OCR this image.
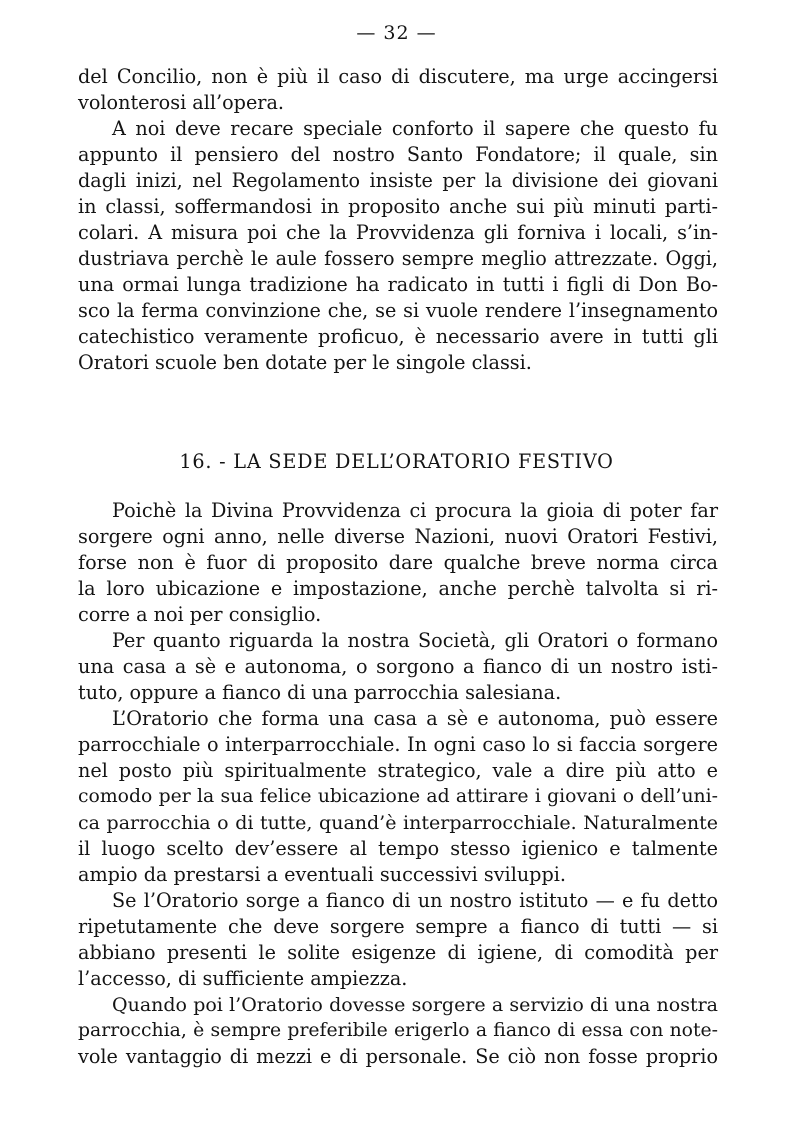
— 32 —
del Concilio, non è più il caso di discutere, ma urge accingersi
volonterosi all’opera.
A noi deve recare speciale conforto il sapere che questo fu
appunto il pensiero del nostro Santo Fondatore; il quale, sin
dagli inizi, nel Regolamento insiste per la divisione dei giovani
in classi, soffermandosi in proposito anche sui più minuti parti-
colari. A misura poi che la Provvidenza gli forniva i locali, s’in-
dustriava perchè le aule fossero sempre meglio attrezzate. Oggi,
una ormai lunga tradizione ha radicato in tutti i figli di Don Bo-
sco la ferma convinzione che, se si vuole rendere l’insegnamento
catechistico veramente proficuo, è necessario avere in tutti gli
Oratori scuole ben dotate per le singole classi.
16. - LA SEDE DELL’ORATORIO FESTIVO
Poichè la Divina Provvidenza ci procura la gioia di poter far
sorgere ogni anno, nelle diverse Nazioni, nuovi Oratori Festivi,
forse non è fuor di proposito dare qualche breve norma circa
la loro ubicazione e impostazione, anche perchè talvolta si ri-
corre a noi per consiglio.
Per quanto riguarda la nostra Società, gli Oratori o formano
una casa a sè e autonoma, o sorgono a fianco di un nostro isti-
tuto, oppure a fianco di una parrocchia salesiana.
L’Oratorio che forma una casa a sè e autonoma, può essere
parrocchiale o interparrocchiale. In ogni caso lo si faccia sorgere
nel posto più spiritualmente strategico, vale a dire più atto e
comodo per la sua felice ubicazione ad attirare i giovani o dell’uni-
ca parrocchia o di tutte, quand’è interparrocchiale. Naturalmente
il luogo scelto dev’essere al tempo stesso igienico e talmente
ampio da prestarsi a eventuali successivi sviluppi.
Se l’Oratorio sorge a fianco di un nostro istituto — e fu detto
ripetutamente che deve sorgere sempre a fianco di tutti — si
abbiano presenti le solite esigenze di igiene, di comodità per
l’accesso, di sufficiente ampiezza.
Quando poi l’Oratorio dovesse sorgere a servizio di una nostra
parrocchia, è sempre preferibile erigerlo a fianco di essa con note-
vole vantaggio di mezzi e di personale. Se ciò non fosse proprio
